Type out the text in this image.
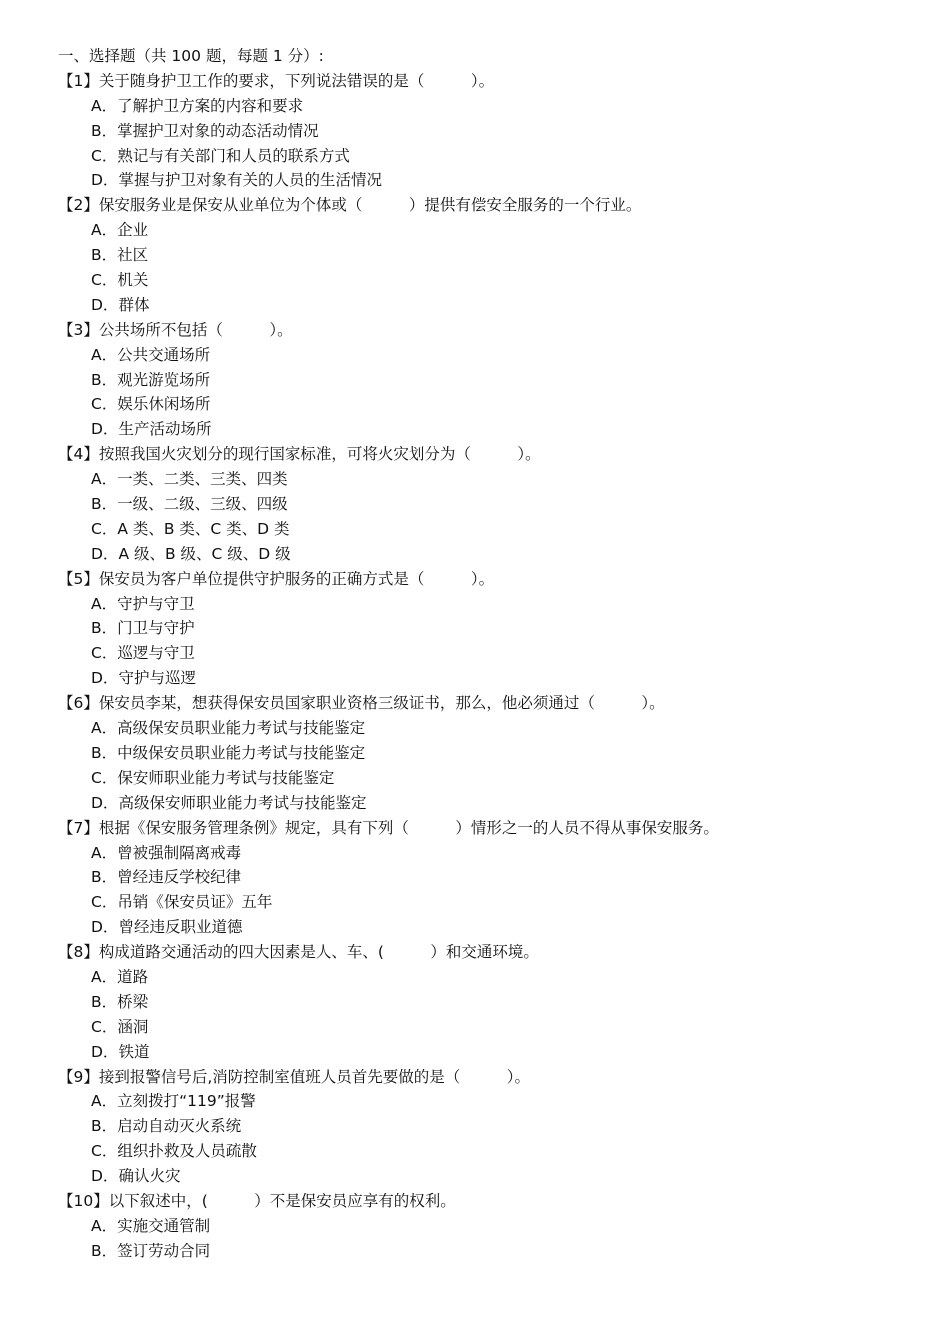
一、选择题（共 100 题，每题 1 分）:
【1】关于随身护卫工作的要求，下列说法错误的是（　　　）。
A．了解护卫方案的内容和要求
B．掌握护卫对象的动态活动情况
C．熟记与有关部门和人员的联系方式
D．掌握与护卫对象有关的人员的生活情况
【2】保安服务业是保安从业单位为个体或（　　　）提供有偿安全服务的一个行业。
A．企业
B．社区
C．机关
D．群体
【3】公共场所不包括（　　　）。
A．公共交通场所
B．观光游览场所
C．娱乐休闲场所
D．生产活动场所
【4】按照我国火灾划分的现行国家标准，可将火灾划分为（　　　）。
A．一类、二类、三类、四类
B．一级、二级、三级、四级
C．A 类、B 类、C 类、D 类
D．A 级、B 级、C 级、D 级
【5】保安员为客户单位提供守护服务的正确方式是（　　　）。
A．守护与守卫
B．门卫与守护
C．巡逻与守卫
D．守护与巡逻
【6】保安员李某，想获得保安员国家职业资格三级证书，那么，他必须通过（　　　）。
A．高级保安员职业能力考试与技能鉴定
B．中级保安员职业能力考试与技能鉴定
C．保安师职业能力考试与技能鉴定
D．高级保安师职业能力考试与技能鉴定
【7】根据《保安服务管理条例》规定，具有下列（　　　）情形之一的人员不得从事保安服务。
A．曾被强制隔离戒毒
B．曾经违反学校纪律
C．吊销《保安员证》五年
D．曾经违反职业道德
【8】构成道路交通活动的四大因素是人、车、(　　　）和交通环境。
A．道路
B．桥梁
C．涵洞
D．铁道
【9】接到报警信号后,消防控制室值班人员首先要做的是（　　　）。
A．立刻拨打“119”报警
B．启动自动灭火系统
C．组织扑救及人员疏散
D．确认火灾
【10】以下叙述中，(　　　）不是保安员应享有的权利。
A．实施交通管制
B．签订劳动合同
